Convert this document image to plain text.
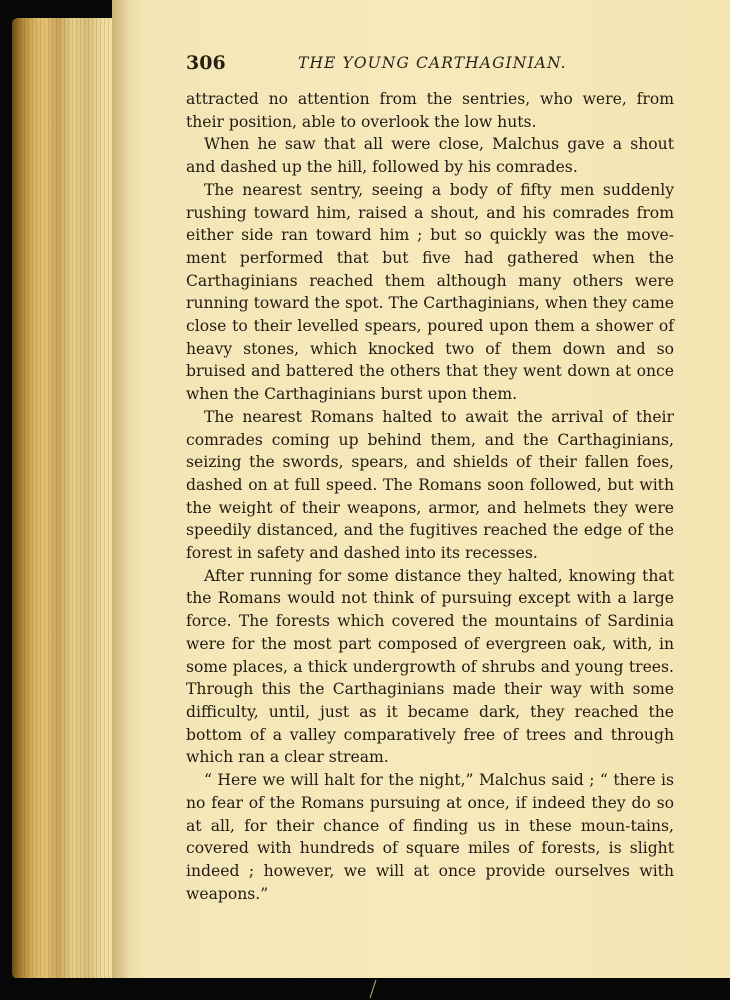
306	THE YOUNG CARTHAGINIAN.

attracted no attention from the sentries, who were, from their position, able to overlook the low huts.

When he saw that all were close, Malchus gave a shout and dashed up the hill, followed by his comrades.

The nearest sentry, seeing a body of fifty men suddenly rushing toward him, raised a shout, and his comrades from either side ran toward him ; but so quickly was the move-ment performed that but five had gathered when the Carthaginians reached them although many others were running toward the spot. The Carthaginians, when they came close to their levelled spears, poured upon them a shower of heavy stones, which knocked two of them down and so bruised and battered the others that they went down at once when the Carthaginians burst upon them.

The nearest Romans halted to await the arrival of their comrades coming up behind them, and the Carthaginians, seizing the swords, spears, and shields of their fallen foes, dashed on at full speed. The Romans soon followed, but with the weight of their weapons, armor, and helmets they were speedily distanced, and the fugitives reached the edge of the forest in safety and dashed into its recesses.

After running for some distance they halted, knowing that the Romans would not think of pursuing except with a large force. The forests which covered the mountains of Sardinia were for the most part composed of evergreen oak, with, in some places, a thick undergrowth of shrubs and young trees. Through this the Carthaginians made their way with some difficulty, until, just as it became dark, they reached the bottom of a valley comparatively free of trees and through which ran a clear stream.

“ Here we will halt for the night,” Malchus said ; “ there is no fear of the Romans pursuing at once, if indeed they do so at all, for their chance of finding us in these moun-tains, covered with hundreds of square miles of forests, is slight indeed ; however, we will at once provide ourselves with weapons.”
